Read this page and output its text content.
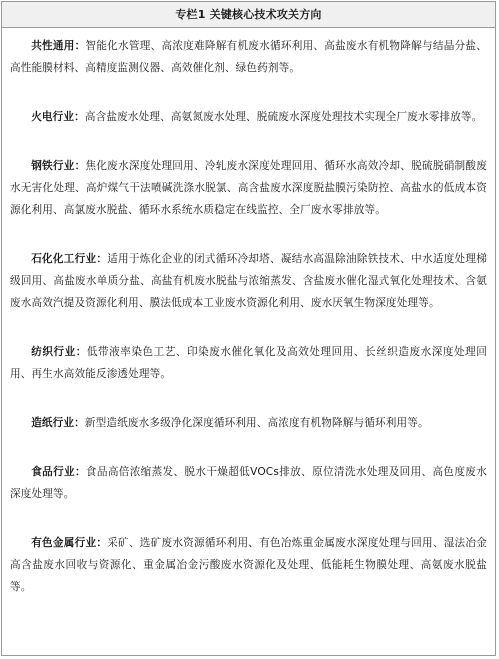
专栏1 关键核心技术攻关方向

共性通用：智能化水管理、高浓度难降解有机废水循环利用、高盐废水有机物降解与结晶分盐、高性能膜材料、高精度监测仪器、高效催化剂、绿色药剂等。

火电行业：高含盐废水处理、高氨氮废水处理、脱硫废水深度处理技术实现全厂废水零排放等。

钢铁行业：焦化废水深度处理回用、冷轧废水深度处理回用、循环水高效冷却、脱硫脱硝制酸废水无害化处理、高炉煤气干法喷碱洗涤水脱氯、高含盐废水深度脱盐膜污染防控、高盐水的低成本资源化利用、高氯废水脱盐、循环水系统水质稳定在线监控、全厂废水零排放等。

石化化工行业：适用于炼化企业的闭式循环冷却塔、凝结水高温除油除铁技术、中水适度处理梯级回用、高盐废水单质分盐、高盐有机废水脱盐与浓缩蒸发、含盐废水催化湿式氧化处理技术、含氨废水高效汽提及资源化利用、膜法低成本工业废水资源化利用、废水厌氧生物深度处理等。

纺织行业：低带液率染色工艺、印染废水催化氧化及高效处理回用、长丝织造废水深度处理回用、再生水高效能反渗透处理等。

造纸行业：新型造纸废水多级净化深度循环利用、高浓度有机物降解与循环利用等。

食品行业：食品高倍浓缩蒸发、脱水干燥超低VOCs排放、原位清洗水处理及回用、高色度废水深度处理等。

有色金属行业：采矿、选矿废水资源循环利用、有色冶炼重金属废水深度处理与回用、湿法冶金高含盐废水回收与资源化、重金属冶金污酸废水资源化及处理、低能耗生物膜处理、高氨废水脱盐等。
